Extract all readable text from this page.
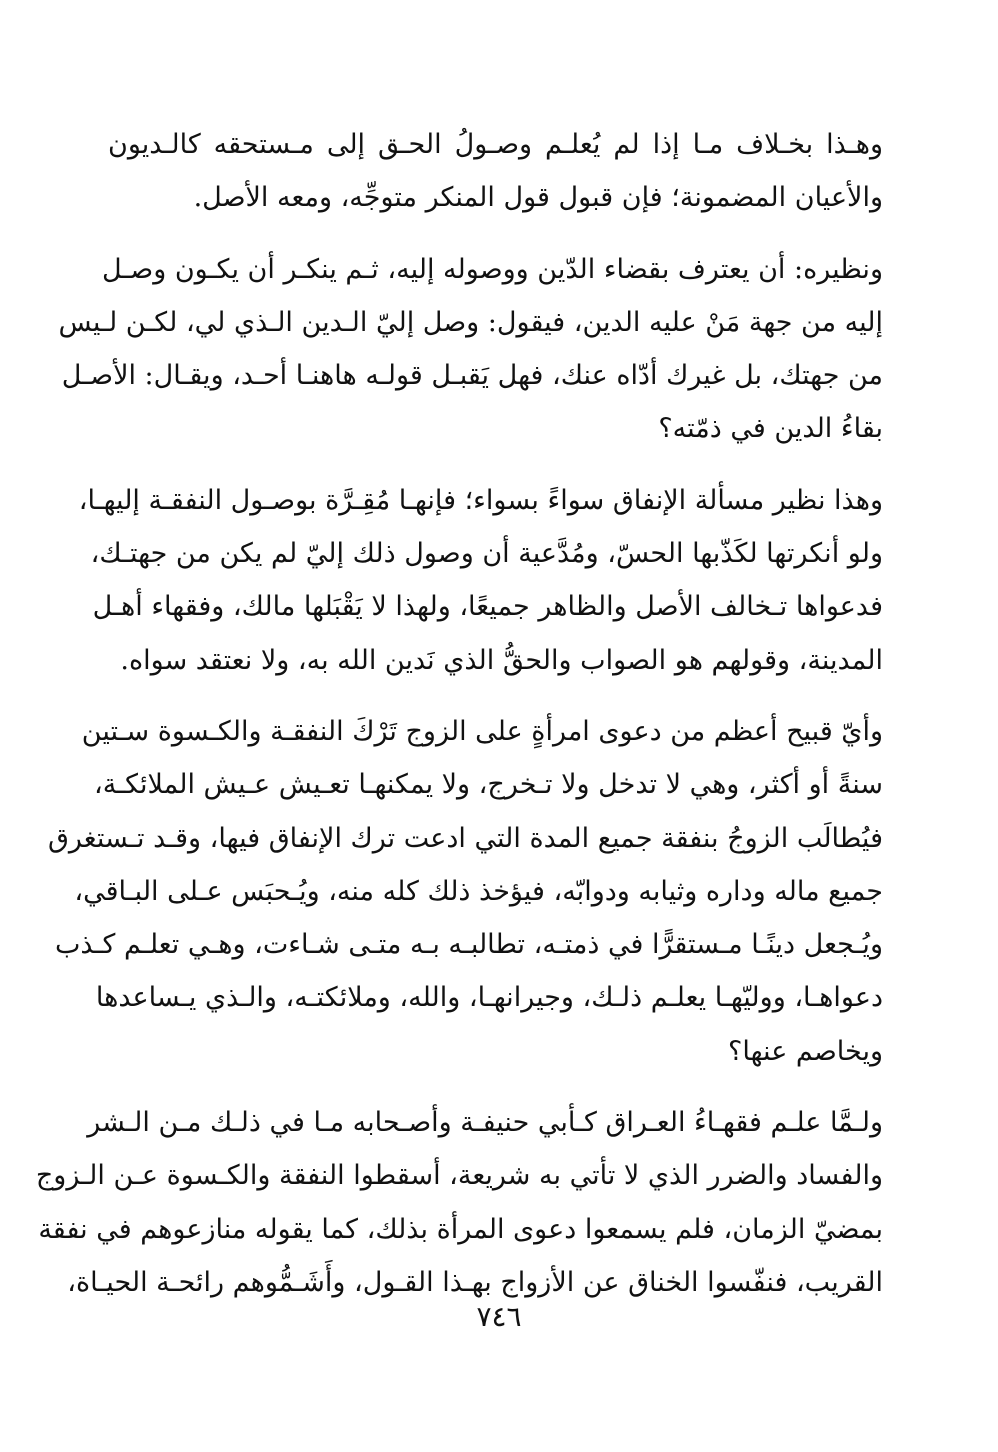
وهـذا بخـلاف مـا إذا لم يُعلـم وصـولُ الحـق إلى مـستحقه كالـديون
والأعيان المضمونة؛ فإن قبول قول المنكر متوجِّه، ومعه الأصل.
ونظيره: أن يعترف بقضاء الدّين ووصوله إليه، ثـم ينكـر أن يكـون وصـل
إليه من جهة مَنْ عليه الدين، فيقول: وصل إليّ الـدين الـذي لي، لكـن لـيس
من جهتك، بل غيرك أدّاه عنك، فهل يَقبـل قولـه هاهنـا أحـد، ويقـال: الأصـل
بقاءُ الدين في ذمّته؟
وهذا نظير مسألة الإنفاق سواءً بسواء؛ فإنهـا مُقِـرَّة بوصـول النفقـة إليهـا،
ولو أنكرتها لكَذّبها الحسّ، ومُدَّعية أن وصول ذلك إليّ لم يكن من جهتـك،
فدعواها تـخالف الأصل والظاهر جميعًا، ولهذا لا يَقْبَلها مالك، وفقهاء أهـل
المدينة، وقولهم هو الصواب والحقُّ الذي نَدين الله به، ولا نعتقد سواه.
وأيّ قبيح أعظم من دعوى امرأةٍ على الزوج تَرْكَ النفقـة والكـسوة سـتين
سنةً أو أكثر، وهي لا تدخل ولا تـخرج، ولا يمكنهـا تعـيش عـيش الملائكـة،
فيُطالَب الزوجُ بنفقة جميع المدة التي ادعت ترك الإنفاق فيها، وقـد تـستغرق
جميع ماله وداره وثيابه ودوابّه، فيؤخذ ذلك كله منه، ويُـحبَس عـلى البـاقي،
ويُـجعل دينًـا مـستقرًّا في ذمتـه، تطالبـه بـه متـى شـاءت، وهـي تعلـم كـذب
دعواهـا، ووليّهـا يعلـم ذلـك، وجيرانهـا، والله، وملائكتـه، والـذي يـساعدها
ويخاصم عنها؟
ولـمَّا علـم فقهـاءُ العـراق كـأبي حنيفـة وأصـحابه مـا في ذلـك مـن الـشر
والفساد والضرر الذي لا تأتي به شريعة، أسقطوا النفقة والكـسوة عـن الـزوج
بمضيّ الزمان، فلم يسمعوا دعوى المرأة بذلك، كما يقوله منازعوهم في نفقة
القريب، فنفّسوا الخناق عن الأزواج بهـذا القـول، وأَشَـمُّوهم رائحـة الحيـاة،
٧٤٦
